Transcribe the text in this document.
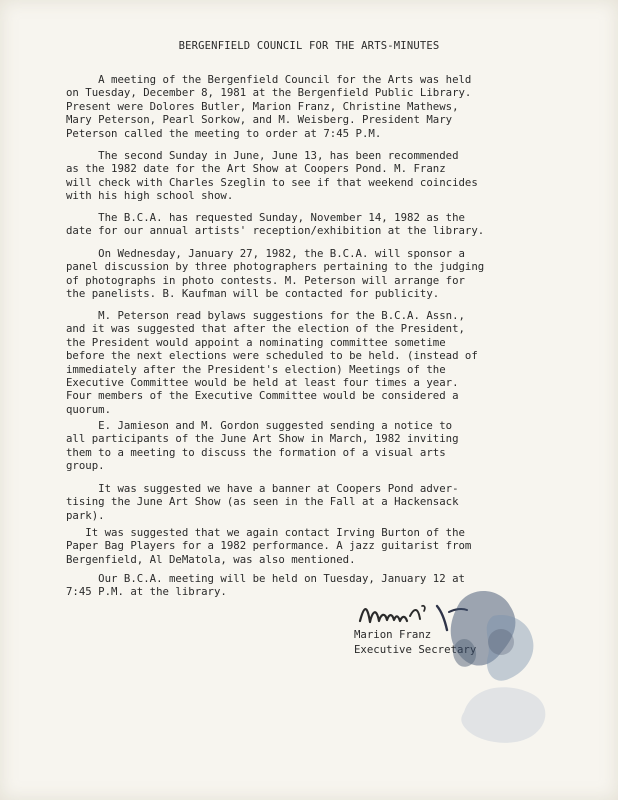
BERGENFIELD COUNCIL FOR THE ARTS-MINUTES
A meeting of the Bergenfield Council for the Arts was held
on Tuesday, December 8, 1981 at the Bergenfield Public Library.
Present were Dolores Butler, Marion Franz, Christine Mathews,
Mary Peterson, Pearl Sorkow, and M. Weisberg. President Mary
Peterson called the meeting to order at 7:45 P.M.
The second Sunday in June, June 13, has been recommended
as the 1982 date for the Art Show at Coopers Pond. M. Franz
will check with Charles Szeglin to see if that weekend coincides
with his high school show.
The B.C.A. has requested Sunday, November 14, 1982 as the
date for our annual artists' reception/exhibition at the library.
On Wednesday, January 27, 1982, the B.C.A. will sponsor a
panel discussion by three photographers pertaining to the judging
of photographs in photo contests. M. Peterson will arrange for
the panelists. B. Kaufman will be contacted for publicity.
M. Peterson read bylaws suggestions for the B.C.A. Assn.,
and it was suggested that after the election of the President,
the President would appoint a nominating committee sometime
before the next elections were scheduled to be held. (instead of
immediately after the President's election) Meetings of the
Executive Committee would be held at least four times a year.
Four members of the Executive Committee would be considered a
quorum.
E. Jamieson and M. Gordon suggested sending a notice to
all participants of the June Art Show in March, 1982 inviting
them to a meeting to discuss the formation of a visual arts
group.
It was suggested we have a banner at Coopers Pond adver-
tising the June Art Show (as seen in the Fall at a Hackensack
park).
It was suggested that we again contact Irving Burton of the
Paper Bag Players for a 1982 performance. A jazz guitarist from
Bergenfield, Al DeMatola, was also mentioned.
Our B.C.A. meeting will be held on Tuesday, January 12 at
7:45 P.M. at the library.
Marion Franz
Executive Secretary
